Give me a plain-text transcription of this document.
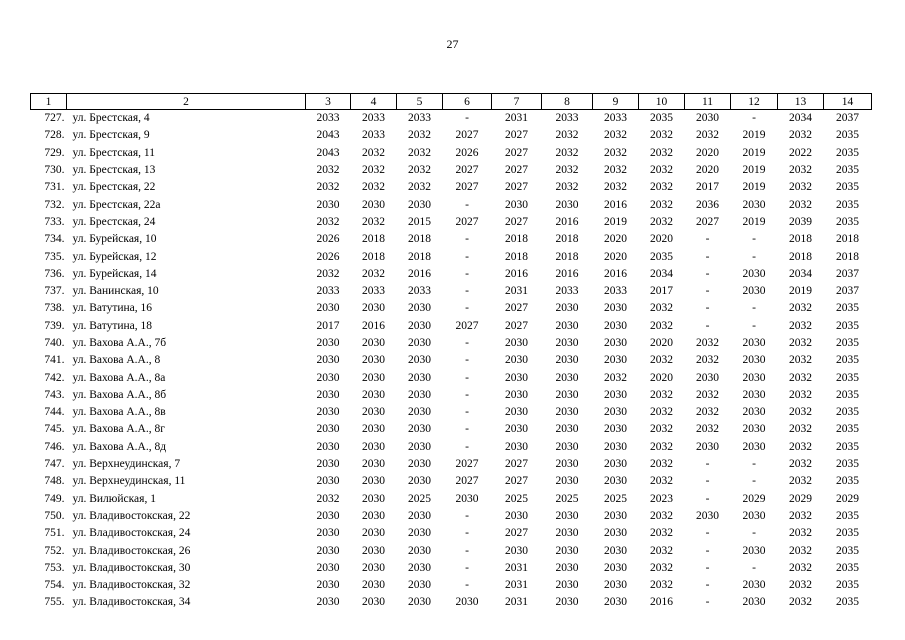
27
1	2	3	4	5	6	7	8	9	10	11	12	13	14
727.	ул. Брестская, 4	2033	2033	2033	-	2031	2033	2033	2035	2030	-	2034	2037
728.	ул. Брестская, 9	2043	2033	2032	2027	2027	2032	2032	2032	2032	2019	2032	2035
729.	ул. Брестская, 11	2043	2032	2032	2026	2027	2032	2032	2032	2020	2019	2022	2035
730.	ул. Брестская, 13	2032	2032	2032	2027	2027	2032	2032	2032	2020	2019	2032	2035
731.	ул. Брестская, 22	2032	2032	2032	2027	2027	2032	2032	2032	2017	2019	2032	2035
732.	ул. Брестская, 22а	2030	2030	2030	-	2030	2030	2016	2032	2036	2030	2032	2035
733.	ул. Брестская, 24	2032	2032	2015	2027	2027	2016	2019	2032	2027	2019	2039	2035
734.	ул. Бурейская, 10	2026	2018	2018	-	2018	2018	2020	2020	-	-	2018	2018
735.	ул. Бурейская, 12	2026	2018	2018	-	2018	2018	2020	2035	-	-	2018	2018
736.	ул. Бурейская, 14	2032	2032	2016	-	2016	2016	2016	2034	-	2030	2034	2037
737.	ул. Ванинская, 10	2033	2033	2033	-	2031	2033	2033	2017	-	2030	2019	2037
738.	ул. Ватутина, 16	2030	2030	2030	-	2027	2030	2030	2032	-	-	2032	2035
739.	ул. Ватутина, 18	2017	2016	2030	2027	2027	2030	2030	2032	-	-	2032	2035
740.	ул. Вахова А.А., 7б	2030	2030	2030	-	2030	2030	2030	2020	2032	2030	2032	2035
741.	ул. Вахова А.А., 8	2030	2030	2030	-	2030	2030	2030	2032	2032	2030	2032	2035
742.	ул. Вахова А.А., 8а	2030	2030	2030	-	2030	2030	2032	2020	2030	2030	2032	2035
743.	ул. Вахова А.А., 8б	2030	2030	2030	-	2030	2030	2030	2032	2032	2030	2032	2035
744.	ул. Вахова А.А., 8в	2030	2030	2030	-	2030	2030	2030	2032	2032	2030	2032	2035
745.	ул. Вахова А.А., 8г	2030	2030	2030	-	2030	2030	2030	2032	2032	2030	2032	2035
746.	ул. Вахова А.А., 8д	2030	2030	2030	-	2030	2030	2030	2032	2030	2030	2032	2035
747.	ул. Верхнеудинская, 7	2030	2030	2030	2027	2027	2030	2030	2032	-	-	2032	2035
748.	ул. Верхнеудинская, 11	2030	2030	2030	2027	2027	2030	2030	2032	-	-	2032	2035
749.	ул. Вилюйская, 1	2032	2030	2025	2030	2025	2025	2025	2023	-	2029	2029	2029
750.	ул. Владивостокская, 22	2030	2030	2030	-	2030	2030	2030	2032	2030	2030	2032	2035
751.	ул. Владивостокская, 24	2030	2030	2030	-	2027	2030	2030	2032	-	-	2032	2035
752.	ул. Владивостокская, 26	2030	2030	2030	-	2030	2030	2030	2032	-	2030	2032	2035
753.	ул. Владивостокская, 30	2030	2030	2030	-	2031	2030	2030	2032	-	-	2032	2035
754.	ул. Владивостокская, 32	2030	2030	2030	-	2031	2030	2030	2032	-	2030	2032	2035
755.	ул. Владивостокская, 34	2030	2030	2030	2030	2031	2030	2030	2016	-	2030	2032	2035
